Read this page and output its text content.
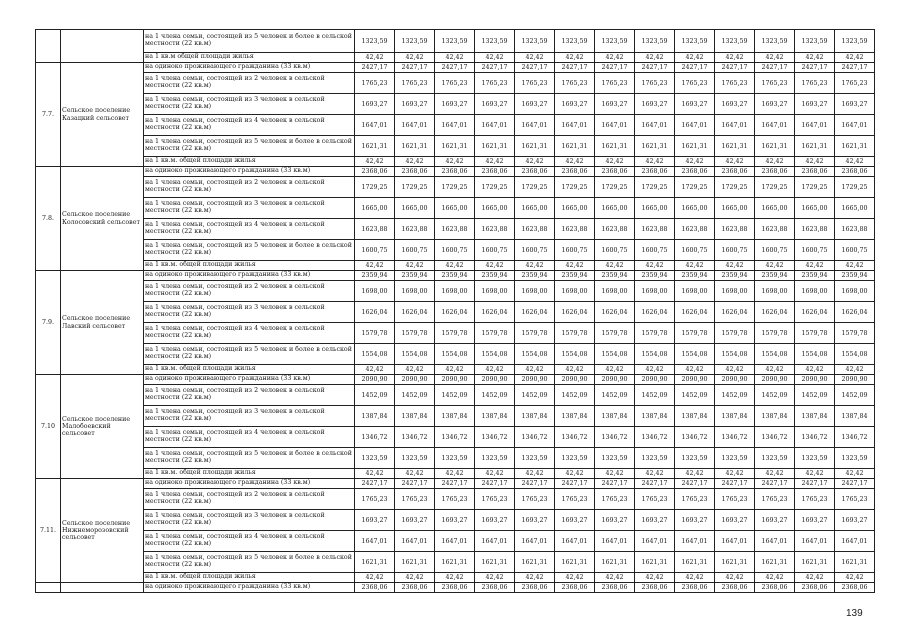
		на 1 члена семьи, состоящей из 5 человек и более в сельской местности (22 кв.м)	1323,59	1323,59	1323,59	1323,59	1323,59	1323,59	1323,59	1323,59	1323,59	1323,59	1323,59	1323,59	1323,59
		на 1 кв.м общей площади жилья	42,42	42,42	42,42	42,42	42,42	42,42	42,42	42,42	42,42	42,42	42,42	42,42	42,42
7.7.	Сельское поселение Казацкий сельсовет	на одиноко проживающего гражданина (33 кв.м)	2427,17	2427,17	2427,17	2427,17	2427,17	2427,17	2427,17	2427,17	2427,17	2427,17	2427,17	2427,17	2427,17
		на 1 члена семьи, состоящей из 2 человек в сельской местности (22 кв.м)	1765,23	1765,23	1765,23	1765,23	1765,23	1765,23	1765,23	1765,23	1765,23	1765,23	1765,23	1765,23	1765,23
		на 1 члена семьи, состоящей из 3 человек в сельской местности (22 кв.м)	1693,27	1693,27	1693,27	1693,27	1693,27	1693,27	1693,27	1693,27	1693,27	1693,27	1693,27	1693,27	1693,27
		на 1 члена семьи, состоящей из 4 человек в сельской местности (22 кв.м)	1647,01	1647,01	1647,01	1647,01	1647,01	1647,01	1647,01	1647,01	1647,01	1647,01	1647,01	1647,01	1647,01
		на 1 члена семьи, состоящей из 5 человек и более в сельской местности (22 кв.м)	1621,31	1621,31	1621,31	1621,31	1621,31	1621,31	1621,31	1621,31	1621,31	1621,31	1621,31	1621,31	1621,31
		на 1 кв.м. общей площади жилья	42,42	42,42	42,42	42,42	42,42	42,42	42,42	42,42	42,42	42,42	42,42	42,42	42,42
7.8.	Сельское поселение Колосовский сельсовет	на одиноко проживающего гражданина (33 кв.м)	2368,06	2368,06	2368,06	2368,06	2368,06	2368,06	2368,06	2368,06	2368,06	2368,06	2368,06	2368,06	2368,06
		на 1 члена семьи, состоящей из 2 человек в сельской местности (22 кв.м)	1729,25	1729,25	1729,25	1729,25	1729,25	1729,25	1729,25	1729,25	1729,25	1729,25	1729,25	1729,25	1729,25
		на 1 члена семьи, состоящей из 3 человек в сельской местности (22 кв.м)	1665,00	1665,00	1665,00	1665,00	1665,00	1665,00	1665,00	1665,00	1665,00	1665,00	1665,00	1665,00	1665,00
		на 1 члена семьи, состоящей из 4 человек в сельской местности (22 кв.м)	1623,88	1623,88	1623,88	1623,88	1623,88	1623,88	1623,88	1623,88	1623,88	1623,88	1623,88	1623,88	1623,88
		на 1 члена семьи, состоящей из 5 человек и более в сельской местности (22 кв.м)	1600,75	1600,75	1600,75	1600,75	1600,75	1600,75	1600,75	1600,75	1600,75	1600,75	1600,75	1600,75	1600,75
		на 1 кв.м. общей площади жилья	42,42	42,42	42,42	42,42	42,42	42,42	42,42	42,42	42,42	42,42	42,42	42,42	42,42
7.9.	Сельское поселение Лавский сельсовет	на одиноко проживающего гражданина (33 кв.м)	2359,94	2359,94	2359,94	2359,94	2359,94	2359,94	2359,94	2359,94	2359,94	2359,94	2359,94	2359,94	2359,94
		на 1 члена семьи, состоящей из 2 человек в сельской местности (22 кв.м)	1698,00	1698,00	1698,00	1698,00	1698,00	1698,00	1698,00	1698,00	1698,00	1698,00	1698,00	1698,00	1698,00
		на 1 члена семьи, состоящей из 3 человек в сельской местности (22 кв.м)	1626,04	1626,04	1626,04	1626,04	1626,04	1626,04	1626,04	1626,04	1626,04	1626,04	1626,04	1626,04	1626,04
		на 1 члена семьи, состоящей из 4 человек в сельской местности (22 кв.м)	1579,78	1579,78	1579,78	1579,78	1579,78	1579,78	1579,78	1579,78	1579,78	1579,78	1579,78	1579,78	1579,78
		на 1 члена семьи, состоящей из 5 человек и более в сельской местности (22 кв.м)	1554,08	1554,08	1554,08	1554,08	1554,08	1554,08	1554,08	1554,08	1554,08	1554,08	1554,08	1554,08	1554,08
		на 1 кв.м. общей площади жилья	42,42	42,42	42,42	42,42	42,42	42,42	42,42	42,42	42,42	42,42	42,42	42,42	42,42
7.10	Сельское поселение Малобоевский сельсовет	на одиноко проживающего гражданина (33 кв.м)	2090,90	2090,90	2090,90	2090,90	2090,90	2090,90	2090,90	2090,90	2090,90	2090,90	2090,90	2090,90	2090,90
		на 1 члена семьи, состоящей из 2 человек в сельской местности (22 кв.м)	1452,09	1452,09	1452,09	1452,09	1452,09	1452,09	1452,09	1452,09	1452,09	1452,09	1452,09	1452,09	1452,09
		на 1 члена семьи, состоящей из 3 человек в сельской местности (22 кв.м)	1387,84	1387,84	1387,84	1387,84	1387,84	1387,84	1387,84	1387,84	1387,84	1387,84	1387,84	1387,84	1387,84
		на 1 члена семьи, состоящей из 4 человек в сельской местности (22 кв.м)	1346,72	1346,72	1346,72	1346,72	1346,72	1346,72	1346,72	1346,72	1346,72	1346,72	1346,72	1346,72	1346,72
		на 1 члена семьи, состоящей из 5 человек и более в сельской местности (22 кв.м)	1323,59	1323,59	1323,59	1323,59	1323,59	1323,59	1323,59	1323,59	1323,59	1323,59	1323,59	1323,59	1323,59
		на 1 кв.м. общей площади жилья	42,42	42,42	42,42	42,42	42,42	42,42	42,42	42,42	42,42	42,42	42,42	42,42	42,42
7.11.	Сельское поселение Нижнеморозовский сельсовет	на одиноко проживающего гражданина (33 кв.м)	2427,17	2427,17	2427,17	2427,17	2427,17	2427,17	2427,17	2427,17	2427,17	2427,17	2427,17	2427,17	2427,17
		на 1 члена семьи, состоящей из 2 человек в сельской местности (22 кв.м)	1765,23	1765,23	1765,23	1765,23	1765,23	1765,23	1765,23	1765,23	1765,23	1765,23	1765,23	1765,23	1765,23
		на 1 члена семьи, состоящей из 3 человек в сельской местности (22 кв.м)	1693,27	1693,27	1693,27	1693,27	1693,27	1693,27	1693,27	1693,27	1693,27	1693,27	1693,27	1693,27	1693,27
		на 1 члена семьи, состоящей из 4 человек в сельской местности (22 кв.м)	1647,01	1647,01	1647,01	1647,01	1647,01	1647,01	1647,01	1647,01	1647,01	1647,01	1647,01	1647,01	1647,01
		на 1 члена семьи, состоящей из 5 человек и более в сельской местности (22 кв.м)	1621,31	1621,31	1621,31	1621,31	1621,31	1621,31	1621,31	1621,31	1621,31	1621,31	1621,31	1621,31	1621,31
		на 1 кв.м. общей площади жилья	42,42	42,42	42,42	42,42	42,42	42,42	42,42	42,42	42,42	42,42	42,42	42,42	42,42
		на одиноко проживающего гражданина (33 кв.м)	2368,06	2368,06	2368,06	2368,06	2368,06	2368,06	2368,06	2368,06	2368,06	2368,06	2368,06	2368,06	2368,06
139
